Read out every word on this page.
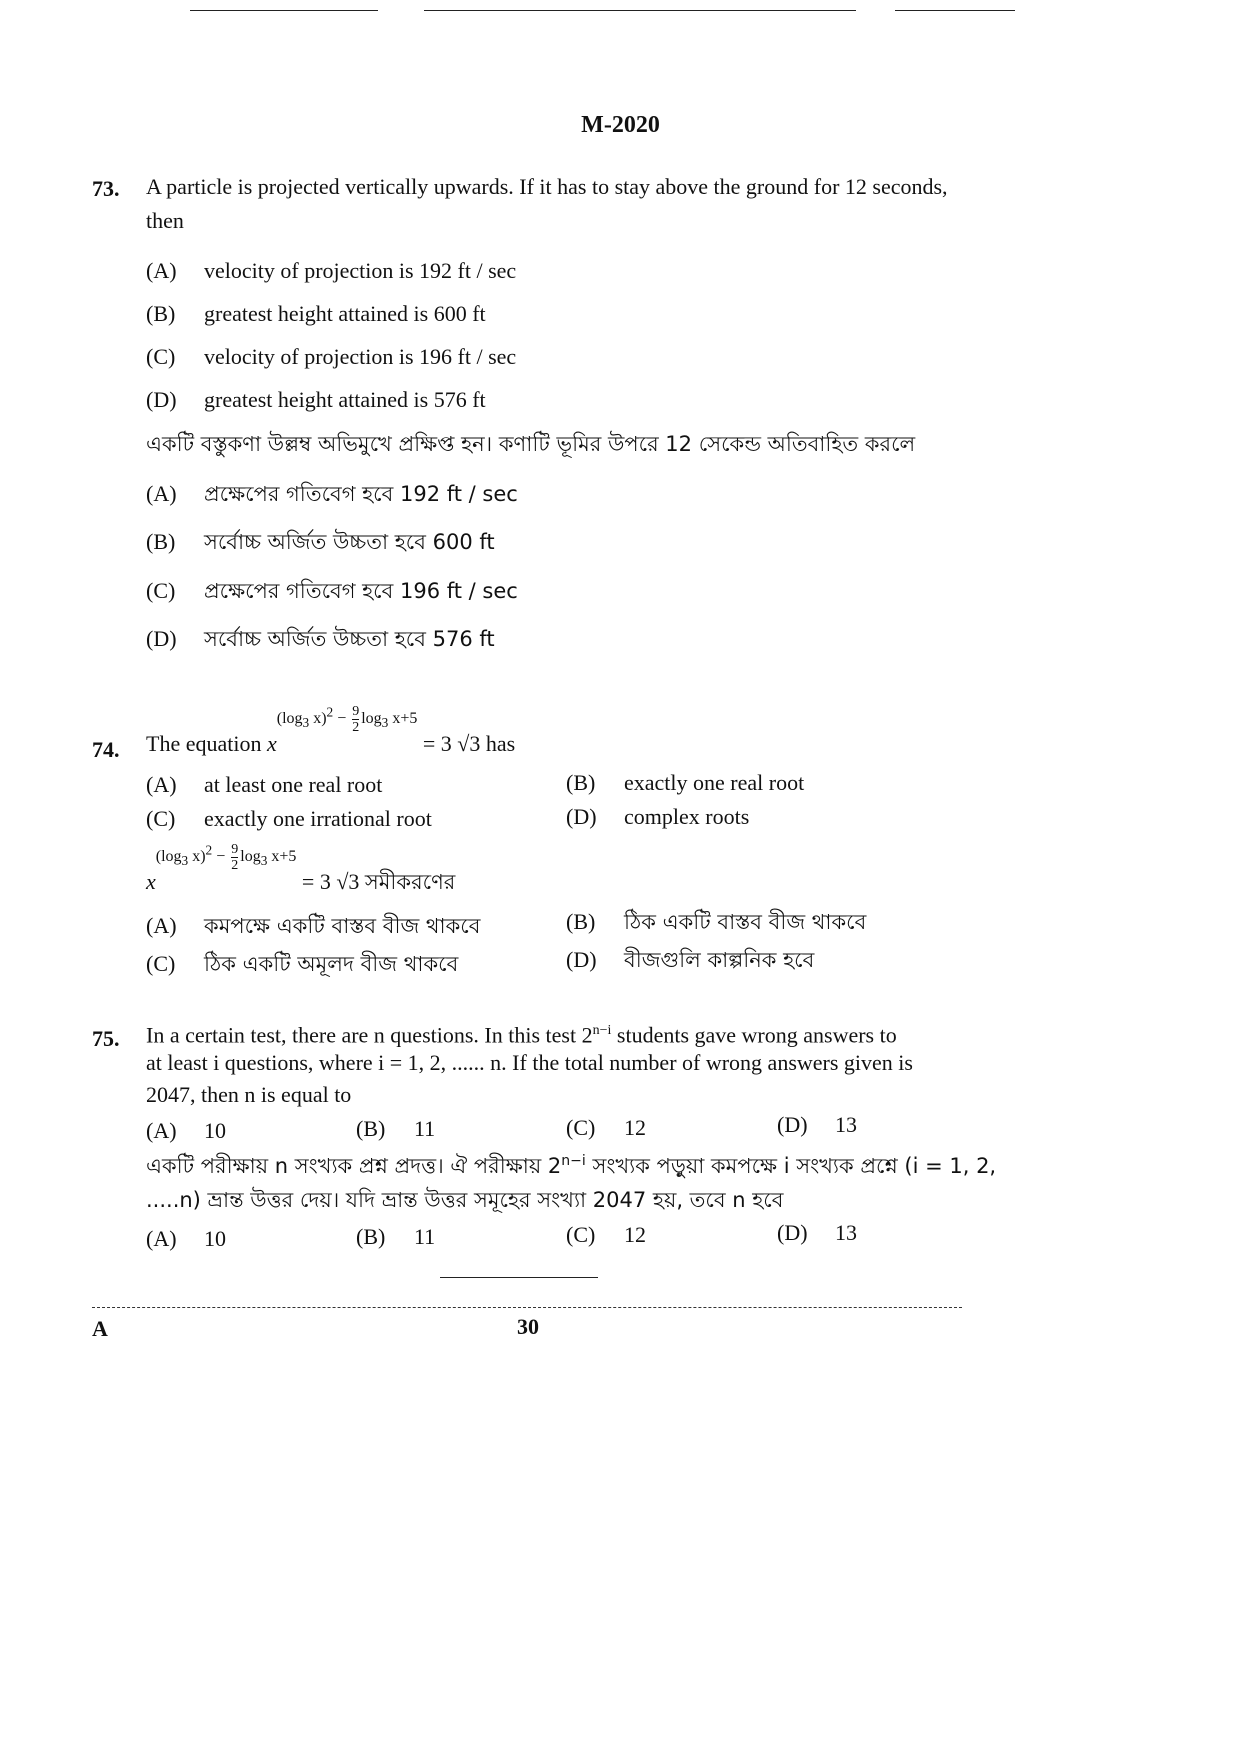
M-2020
73. A particle is projected vertically upwards. If it has to stay above the ground for 12 seconds, then
(A) velocity of projection is 192 ft / sec
(B) greatest height attained is 600 ft
(C) velocity of projection is 196 ft / sec
(D) greatest height attained is 576 ft
একটি বস্তুকণা উল্লম্ব অভিমুখে প্রক্ষিপ্ত হন। কণাটি ভূমির উপরে 12 সেকেন্ড অতিবাহিত করলে
(A) প্রক্ষেপের গতিবেগ হবে 192 ft / sec
(B) সর্বোচ্চ অর্জিত উচ্চতা হবে 600 ft
(C) প্রক্ষেপের গতিবেগ হবে 196 ft / sec
(D) সর্বোচ্চ অর্জিত উচ্চতা হবে 576 ft
74. The equation $x^{(log_3 x)^2 - \frac{9}{2} log_3 x+5} = 3$ √3 has
(A) at least one real root	(B) exactly one real root
(C) exactly one irrational root	(D) complex roots
$x^{(log_3 x)^2 - \frac{9}{2} log_3 x+5} = 3$ √3 সমীকরণের
(A) কমপক্ষে একটি বাস্তব বীজ থাকবে	(B) ঠিক একটি বাস্তব বীজ থাকবে
(C) ঠিক একটি অমূলদ বীজ থাকবে	(D) বীজগুলি কাল্পনিক হবে
75. In a certain test, there are n questions. In this test $2^{n-i}$ students gave wrong answers to
at least i questions, where i = 1, 2, ...... n. If the total number of wrong answers given is
2047, then n is equal to
(A) 10	(B) 11	(C) 12	(D) 13
একটি পরীক্ষায় n সংখ্যক প্রশ্ন প্রদত্ত। ঐ পরীক্ষায় $2^{n-i}$ সংখ্যক পড়ুয়া কমপক্ষে i সংখ্যক প্রশ্নে (i = 1, 2,
.....n) ভ্রান্ত উত্তর দেয়। যদি ভ্রান্ত উত্তর সমূহের সংখ্যা 2047 হয়, তবে n হবে
(A) 10	(B) 11	(C) 12	(D) 13
A	30
